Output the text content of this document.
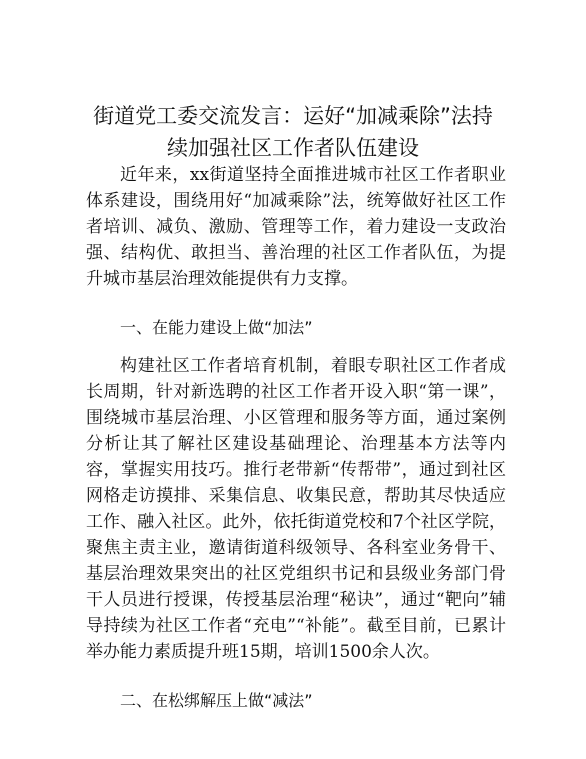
街道党工委交流发言：运好“加减乘除”法持续加强社区工作者队伍建设

近年来，xx街道坚持全面推进城市社区工作者职业体系建设，围绕用好“加减乘除”法，统筹做好社区工作者培训、减负、激励、管理等工作，着力建设一支政治强、结构优、敢担当、善治理的社区工作者队伍，为提升城市基层治理效能提供有力支撑。

一、在能力建设上做“加法”

构建社区工作者培育机制，着眼专职社区工作者成长周期，针对新选聘的社区工作者开设入职“第一课”，围绕城市基层治理、小区管理和服务等方面，通过案例分析让其了解社区建设基础理论、治理基本方法等内容，掌握实用技巧。推行老带新“传帮带”，通过到社区网格走访摸排、采集信息、收集民意，帮助其尽快适应工作、融入社区。此外，依托街道党校和7个社区学院，聚焦主责主业，邀请街道科级领导、各科室业务骨干、基层治理效果突出的社区党组织书记和县级业务部门骨干人员进行授课，传授基层治理“秘诀”，通过“靶向”辅导持续为社区工作者“充电”“补能”。截至目前，已累计举办能力素质提升班15期，培训1500余人次。

二、在松绑解压上做“减法”
